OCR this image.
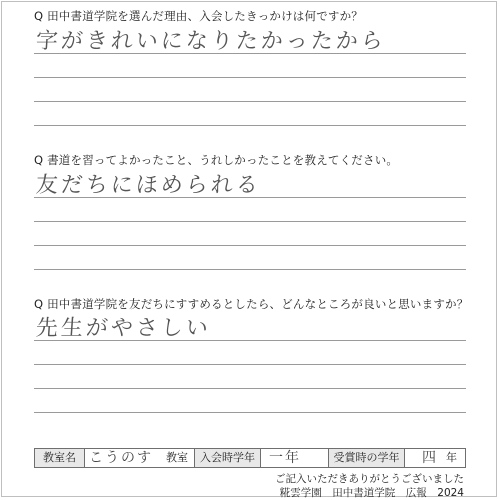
Q 田中書道学院を選んだ理由、入会したきっかけは何ですか？
字がきれいになりたかったから
Q 書道を習ってよかったこと、うれしかったことを教えてください。
友だちにほめられる
Q 田中書道学院を友だちにすすめるとしたら、どんなところが良いと思いますか？
先生がやさしい
教室名 こうのす 教室	入会時学年	一年	受賞時の学年	四 年
ご記入いただきありがとうございました
糀雲学園　田中書道学院　広報　2024
